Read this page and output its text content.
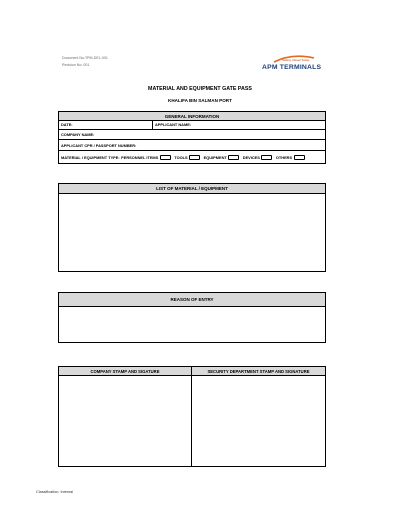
Document No:TPM-DEL-001
Revision No: 001
Sailing Ahead Today
APM TERMINALS
MATERIAL AND EQUIPMENT GATE PASS
KHALIFA BIN SALMAN PORT
GENERAL INFORMATION
DATE:	APPLICANT NAME:
COMPANY NAME:
APPLICANT CPR / PASSPORT NUMBER:
MATERIAL / EQUIPMENT TYPE: PERSONNEL ITEMS	TOOLS	EQUIPMENT	DEVICES	OTHERS
LIST OF MATERIAL / EQUIPMENT
REASON OF ENTRY
COMPANY STAMP AND SIGATURE	SECURITY DEPARTMENT STAMP AND SIGNATURE
Classification: Internal
